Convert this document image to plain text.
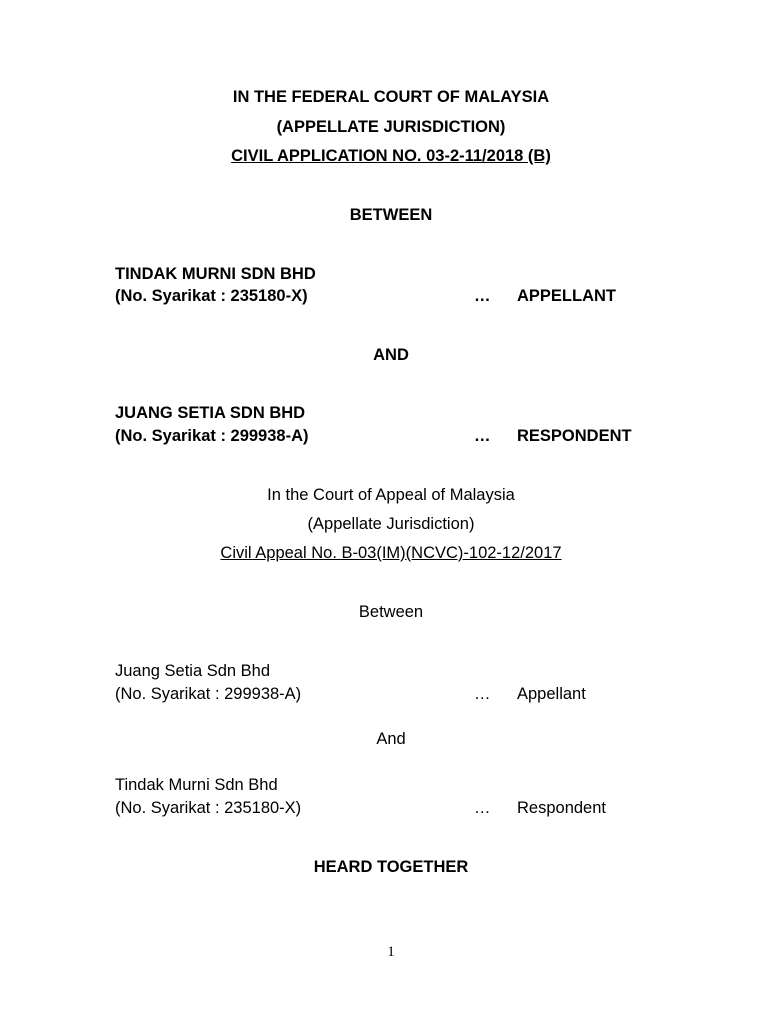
IN THE FEDERAL COURT OF MALAYSIA
(APPELLATE JURISDICTION)
CIVIL APPLICATION NO. 03-2-11/2018 (B)
BETWEEN
TINDAK MURNI SDN BHD
(No. Syarikat : 235180-X)	… APPELLANT
AND
JUANG SETIA SDN BHD
(No. Syarikat : 299938-A)	… RESPONDENT
In the Court of Appeal of Malaysia
(Appellate Jurisdiction)
Civil Appeal No. B-03(IM)(NCVC)-102-12/2017
Between
Juang Setia Sdn Bhd
(No. Syarikat : 299938-A)	… Appellant
And
Tindak Murni Sdn Bhd
(No. Syarikat : 235180-X)	… Respondent
HEARD TOGETHER
1
